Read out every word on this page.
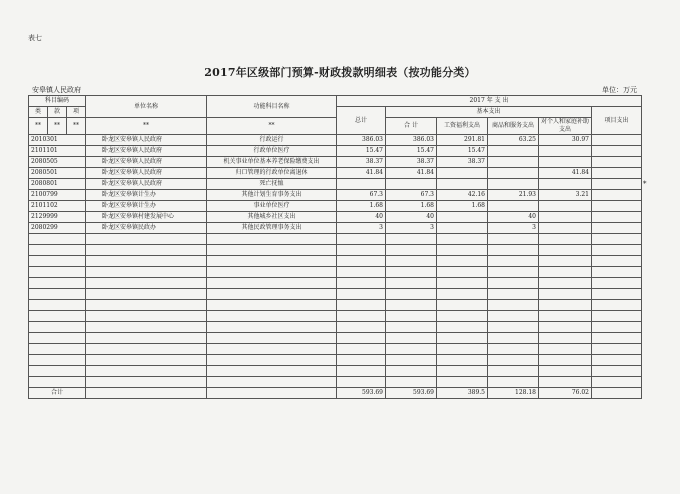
表七
2017年区级部门预算-财政拨款明细表（按功能分类）
安皋镇人民政府	单位：万元
科目编码			单位名称	功能科目名称	2017 年 支 出					
类	款	项			总计	基本支出				项目支出
						合 计	工资福利支出	商品和服务支出	对个人和家庭补助支出	
**	**	**	**	**						
2010301			卧龙区安皋镇人民政府	行政运行	386.03	386.03	291.81	63.25	30.97	
2101101			卧龙区安皋镇人民政府	行政单位医疗	15.47	15.47	15.47			
2080505			卧龙区安皋镇人民政府	机关事业单位基本养老保险缴费支出	38.37	38.37	38.37			
2080501			卧龙区安皋镇人民政府	归口管理的行政单位离退休	41.84	41.84			41.84	
2080801			卧龙区安皋镇人民政府	死亡抚恤						
2100799			卧龙区安皋镇计生办	其他计划生育事务支出	67.3	67.3	42.16	21.93	3.21	
2101102			卧龙区安皋镇计生办	事业单位医疗	1.68	1.68	1.68			
2129999			卧龙区安皋镇村建发展中心	其他城乡社区支出	40	40		40		
2080299			卧龙区安皋镇民政办	其他民政管理事务支出	3	3		3		

合计					593.69	593.69	389.5	128.18	76.02	
*
